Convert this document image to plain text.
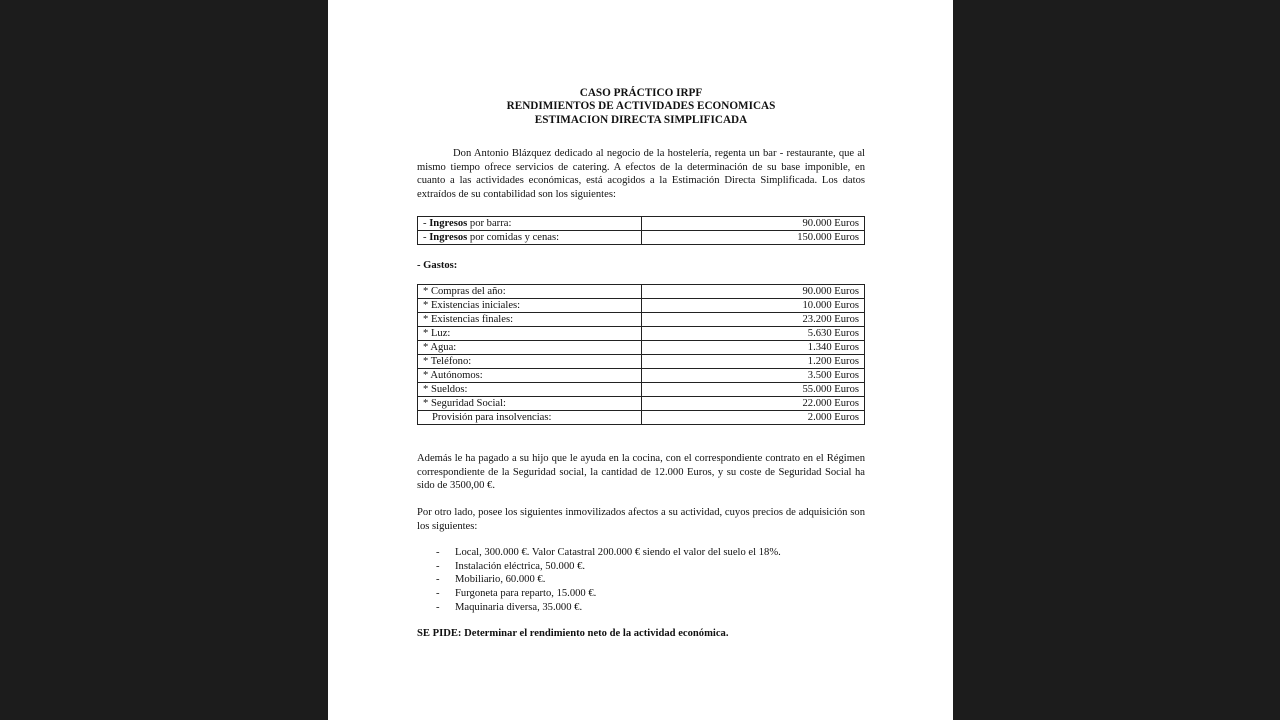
CASO PRÁCTICO IRPF
RENDIMIENTOS DE ACTIVIDADES ECONOMICAS
ESTIMACION DIRECTA SIMPLIFICADA

Don Antonio Blázquez dedicado al negocio de la hostelería, regenta un bar - restaurante, que al mismo tiempo ofrece servicios de catering. A efectos de la determinación de su base imponible, en cuanto a las actividades económicas, está acogidos a la Estimación Directa Simplificada. Los datos extraídos de su contabilidad son los siguientes:

- Ingresos por barra:	90.000 Euros
- Ingresos por comidas y cenas:	150.000 Euros
- Gastos:
* Compras del año:	90.000 Euros
* Existencias iniciales:	10.000 Euros
* Existencias finales:	23.200 Euros
* Luz:	5.630 Euros
* Agua:	1.340 Euros
* Teléfono:	1.200 Euros
* Autónomos:	3.500 Euros
* Sueldos:	55.000 Euros
* Seguridad Social:	22.000 Euros
Provisión para insolvencias:	2.000 Euros

Además le ha pagado a su hijo que le ayuda en la cocina, con el correspondiente contrato en el Régimen correspondiente de la Seguridad social, la cantidad de 12.000 Euros, y su coste de Seguridad Social ha sido de 3500,00 €.

Por otro lado, posee los siguientes inmovilizados afectos a su actividad, cuyos precios de adquisición son los siguientes:

- Local, 300.000 €. Valor Catastral 200.000 € siendo el valor del suelo el 18%.
- Instalación eléctrica, 50.000 €.
- Mobiliario, 60.000 €.
- Furgoneta para reparto, 15.000 €.
- Maquinaria diversa, 35.000 €.

SE PIDE: Determinar el rendimiento neto de la actividad económica.
